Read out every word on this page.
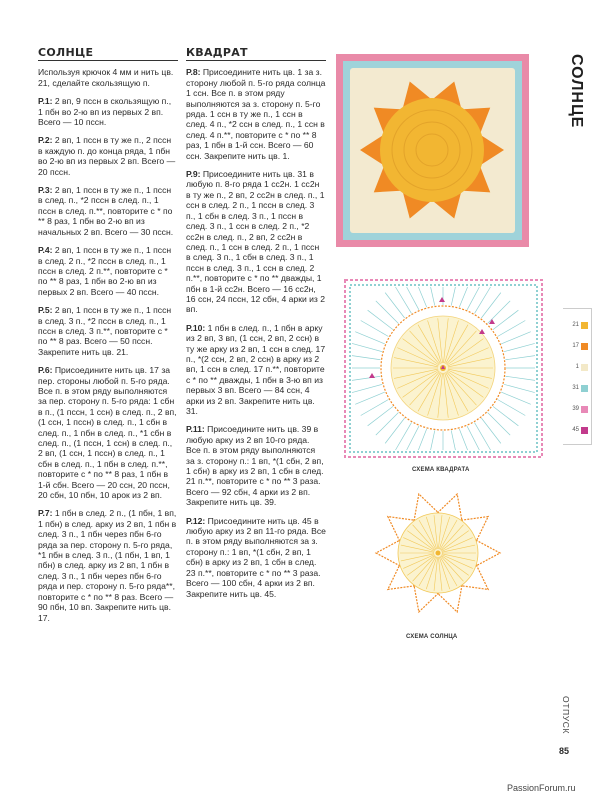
СОЛНЦЕ

Используя крючок 4 мм и нить цв. 21, сделайте скользящую п.

Р.1: 2 вп, 9 пссн в скользящую п., 1 пбн во 2-ю вп из первых 2 вп. Всего — 10 пссн.

Р.2: 2 вп, 1 пссн в ту же п., 2 пссн в каждую п. до конца ряда, 1 пбн во 2-ю вп из первых 2 вп. Всего — 20 пссн.

Р.3: 2 вп, 1 пссн в ту же п., 1 пссн в след. п., *2 пссн в след. п., 1 пссн в след. п.**, повторите с * по ** 8 раз, 1 пбн во 2-ю вп из начальных 2 вп. Всего — 30 пссн.

Р.4: 2 вп, 1 пссн в ту же п., 1 пссн в след. 2 п., *2 пссн в след. п., 1 пссн в след. 2 п.**, повторите с * по ** 8 раз, 1 пбн во 2-ю вп из первых 2 вп. Всего — 40 пссн.

Р.5: 2 вп, 1 пссн в ту же п., 1 пссн в след. 3 п., *2 пссн в след. п., 1 пссн в след. 3 п.**, повторите с * по ** 8 раз. Всего — 50 пссн. Закрепите нить цв. 21.

Р.6: Присоедините нить цв. 17 за пер. стороны любой п. 5-го ряда. Все п. в этом ряду выполняются за пер. сторону п. 5-го ряда: 1 сбн в п., (1 пссн, 1 ссн) в след. п., 2 вп, (1 ссн, 1 пссн) в след. п., 1 сбн в след. п., 1 пбн в след. п., *1 сбн в след. п., (1 пссн, 1 ссн) в след. п., 2 вп, (1 ссн, 1 пссн) в след. п., 1 сбн в след. п., 1 пбн в след. п.**, повторите с * по ** 8 раз, 1 пбн в 1-й сбн. Всего — 20 ссн, 20 пссн, 20 сбн, 10 пбн, 10 арок из 2 вп.

Р.7: 1 пбн в след. 2 п., (1 пбн, 1 вп, 1 пбн) в след. арку из 2 вп, 1 пбн в след. 3 п., 1 пбн через пбн 6-го ряда за пер. сторону п. 5-го ряда, *1 пбн в след. 3 п., (1 пбн, 1 вп, 1 пбн) в след. арку из 2 вп, 1 пбн в след. 3 п., 1 пбн через пбн 6-го ряда и пер. сторону п. 5-го ряда**, повторите с * по ** 8 раз. Всего — 90 пбн, 10 вп. Закрепите нить цв. 17.

КВАДРАТ

Р.8: Присоедините нить цв. 1 за з. сторону любой п. 5-го ряда солнца 1 ссн. Все п. в этом ряду выполняются за з. сторону п. 5-го ряда. 1 ссн в ту же п., 1 ссн в след. 4 п., *2 ссн в след. п., 1 ссн в след. 4 п.**, повторите с * по ** 8 раз, 1 пбн в 1-й ссн. Всего — 60 ссн. Закрепите нить цв. 1.

Р.9: Присоедините нить цв. 31 в любую п. 8-го ряда 1 сс2н. 1 сс2н в ту же п., 2 вп, 2 сс2н в след. п., 1 ссн в след. 2 п., 1 пссн в след. 3 п., 1 сбн в след. 3 п., 1 пссн в след. 3 п., 1 ссн в след. 2 п., *2 сс2н в след. п., 2 вп, 2 сс2н в след. п., 1 ссн в след. 2 п., 1 пссн в след. 3 п., 1 сбн в след. 3 п., 1 пссн в след. 3 п., 1 ссн в след. 2 п.**, повторите с * по ** дважды, 1 пбн в 1-й сс2н. Всего — 16 сс2н, 16 ссн, 24 пссн, 12 сбн, 4 арки из 2 вп.

Р.10: 1 пбн в след. п., 1 пбн в арку из 2 вп, 3 вп, (1 ссн, 2 вп, 2 ссн) в ту же арку из 2 вп, 1 ссн в след. 17 п., *(2 ссн, 2 вп, 2 ссн) в арку из 2 вп, 1 ссн в след. 17 п.**, повторите с * по ** дважды, 1 пбн в 3-ю вп из первых 3 вп. Всего — 84 ссн, 4 арки из 2 вп. Закрепите нить цв. 31.

Р.11: Присоедините нить цв. 39 в любую арку из 2 вп 10-го ряда. Все п. в этом ряду выполняются за з. сторону п.: 1 вп, *(1 сбн, 2 вп, 1 сбн) в арку из 2 вп, 1 сбн в след. 21 п.**, повторите с * по ** 3 раза. Всего — 92 сбн, 4 арки из 2 вп. Закрепите нить цв. 39.

Р.12: Присоедините нить цв. 45 в любую арку из 2 вп 11-го ряда. Все п. в этом ряду выполняются за з. сторону п.: 1 вп, *(1 сбн, 2 вп, 1 сбн) в арку из 2 вп, 1 сбн в след. 23 п.**, повторите с * по ** 3 раза. Всего — 100 сбн, 4 арки из 2 вп. Закрепите нить цв. 45.

СОЛНЦЕ
21
17
1
31
39
45
СХЕМА КВАДРАТА
СХЕМА СОЛНЦА
ОТПУСК
85
PassionForum.ru
